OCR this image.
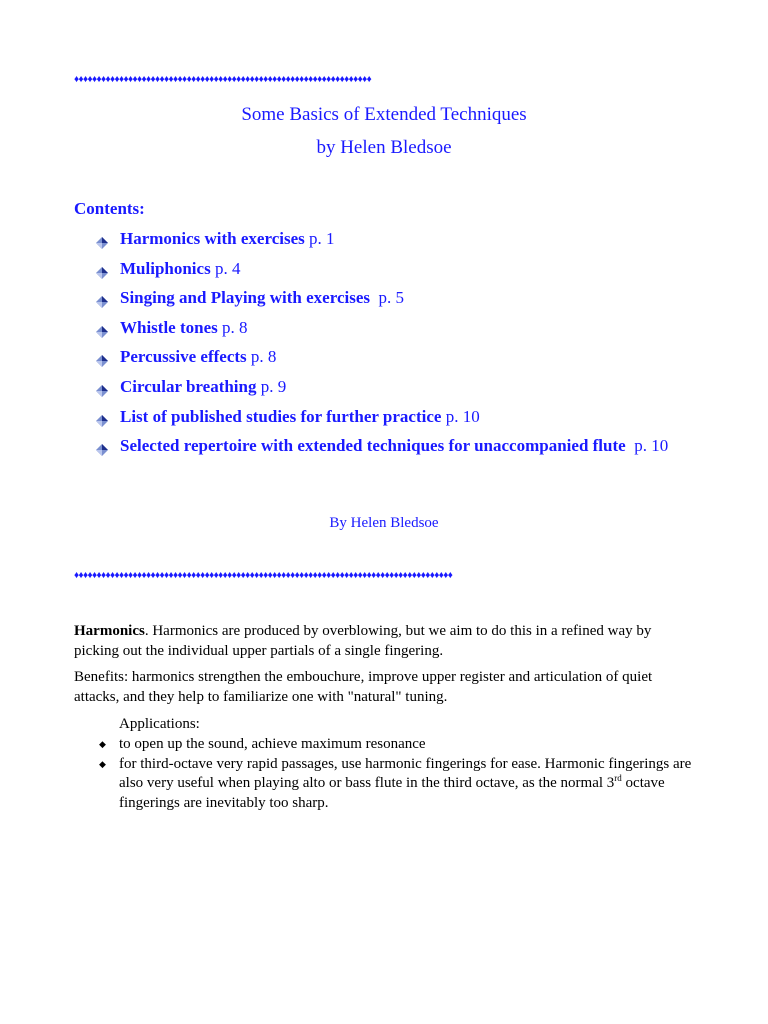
♦♦♦♦♦♦♦♦♦♦♦♦♦♦♦♦♦♦♦♦♦♦♦♦♦♦♦♦♦♦♦♦♦♦♦♦♦♦♦♦♦♦♦♦♦♦♦♦♦♦♦♦♦♦♦♦♦♦♦♦♦♦♦♦♦♦
Some Basics of Extended Techniques
by Helen Bledsoe
Contents:
Harmonics with exercises p. 1
Muliphonics p. 4
Singing and Playing with exercises  p. 5
Whistle tones p. 8
Percussive effects p. 8
Circular breathing p. 9
List of published studies for further practice p. 10
Selected repertoire with extended techniques for unaccompanied flute  p. 10
By Helen Bledsoe
♦♦♦♦♦♦♦♦♦♦♦♦♦♦♦♦♦♦♦♦♦♦♦♦♦♦♦♦♦♦♦♦♦♦♦♦♦♦♦♦♦♦♦♦♦♦♦♦♦♦♦♦♦♦♦♦♦♦♦♦♦♦♦♦♦♦♦♦♦♦♦♦♦♦♦♦♦♦♦♦♦♦♦♦
Harmonics. Harmonics are produced by overblowing, but we aim to do this in a refined way by picking out the individual upper partials of a single fingering.
Benefits: harmonics strengthen the embouchure, improve upper register and articulation of quiet attacks, and they help to familiarize one with "natural" tuning.
Applications:
◆ to open up the sound, achieve maximum resonance
◆ for third-octave very rapid passages, use harmonic fingerings for ease. Harmonic fingerings are also very useful when playing alto or bass flute in the third octave, as the normal 3rd octave fingerings are inevitably too sharp.
